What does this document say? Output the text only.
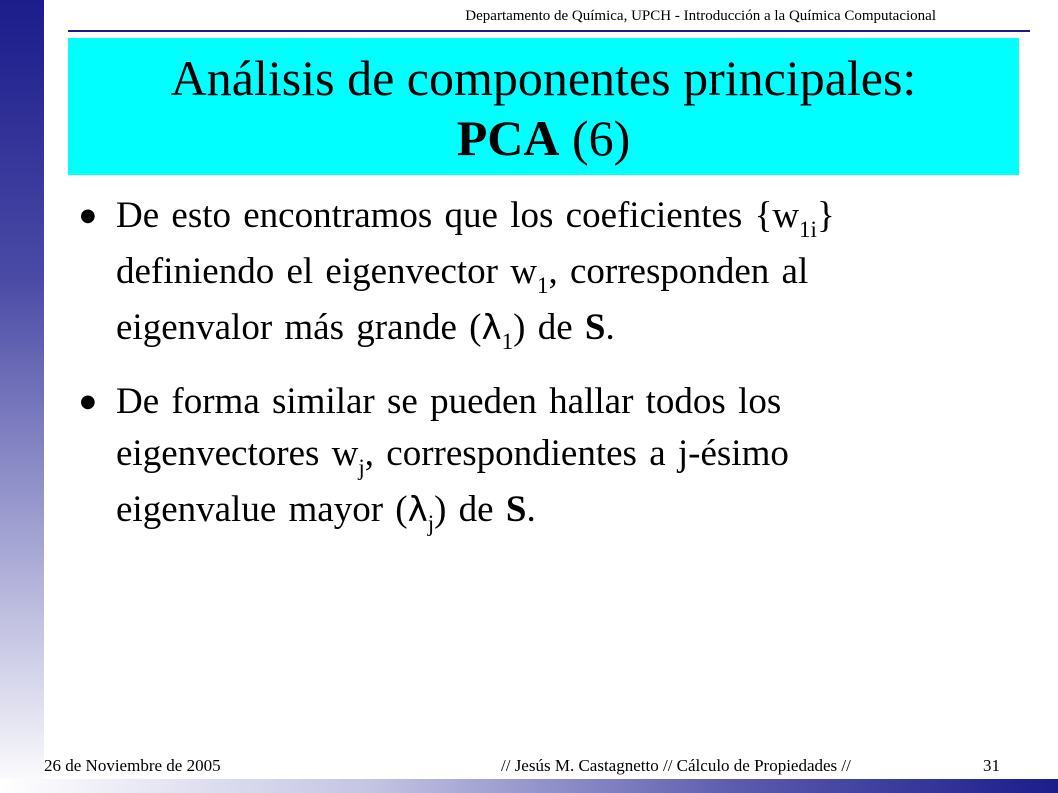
Departamento de Química, UPCH - Introducción a la Química Computacional
Análisis de componentes principales:
PCA (6)
● De esto encontramos que los coeficientes $\{w_{1i}\}$
definiendo el eigenvector $w_1$, corresponden al
eigenvalor más grande $(\lambda_1)$ de S.
● De forma similar se pueden hallar todos los
eigenvectores $w_j$, correspondientes a j-ésimo
eigenvalue mayor $(\lambda_j)$ de S.
26 de Noviembre de 2005	// Jesús M. Castagnetto // Cálculo de Propiedades //	31
